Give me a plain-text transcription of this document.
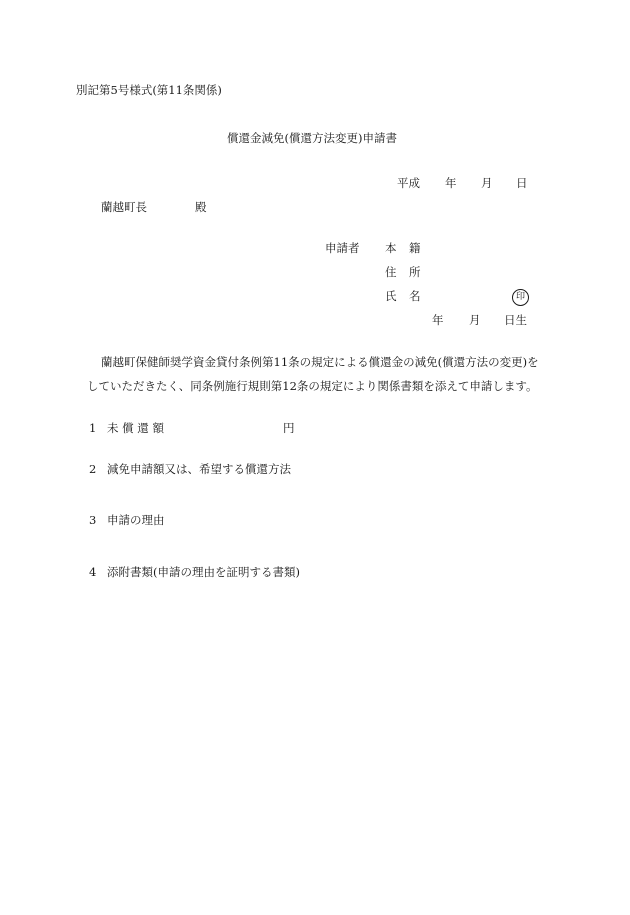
別記第5号様式(第11条関係)
償還金減免(償還方法変更)申請書
平成 年 月 日
蘭越町長	殿
申請者 本 籍
住 所
氏 名	印
年 月 日生
蘭越町保健師奨学資金貸付条例第11条の規定による償還金の減免(償還方法の変更)を
していただきたく、同条例施行規則第12条の規定により関係書類を添えて申請します。
1 未 償 還 額	円
2 減免申請額又は、希望する償還方法
3 申請の理由
4 添附書類(申請の理由を証明する書類)
